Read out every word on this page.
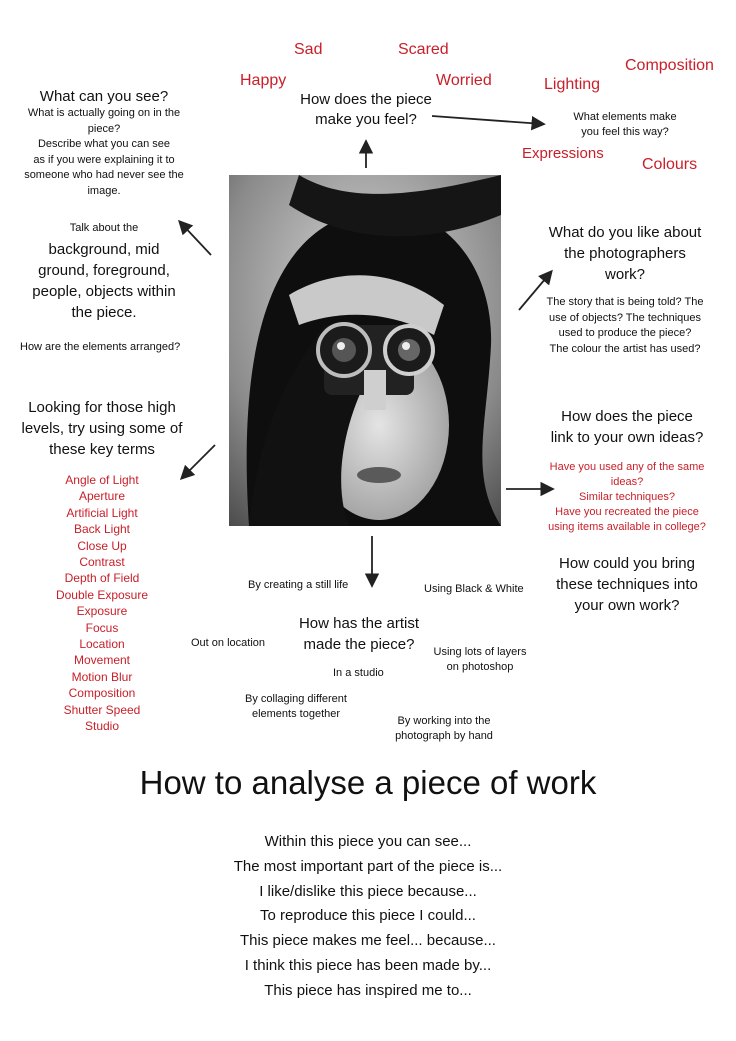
Sad	Scared
Happy	Worried
How does the piece
make you feel?
Composition
Lighting
What elements make
you feel this way?
Expressions
Colours
What can you see?
What is actually going on in the
piece?
Describe what you can see
as if you were explaining it to
someone who had never see the
image.
Talk about the
background, mid
ground, foreground,
people, objects within
the piece.
How are the elements arranged?
What do you like about
the photographers
work?
The story that is being told? The
use of objects? The techniques
used to produce the piece?
The colour the artist has used?
Looking for those high
levels, try using some of
these key terms
Angle of Light
Aperture
Artificial Light
Back Light
Close Up
Contrast
Depth of Field
Double Exposure
Exposure
Focus
Location
Movement
Motion Blur
Composition
Shutter Speed
Studio
How does the piece
link to your own ideas?
Have you used any of the same
ideas?
Similar techniques?
Have you recreated the piece
using items available in college?
How could you bring
these techniques into
your own work?
By creating a still life	Using Black & White
How has the artist
made the piece?
Out on location
Using lots of layers
on photoshop
In a studio
By collaging different
elements together
By working into the
photograph by hand
How to analyse a piece of work
Within this piece you can see...
The most important part of the piece is...
I like/dislike this piece because...
To reproduce this piece I could...
This piece makes me feel... because...
I think this piece has been made by...
This piece has inspired me to...
